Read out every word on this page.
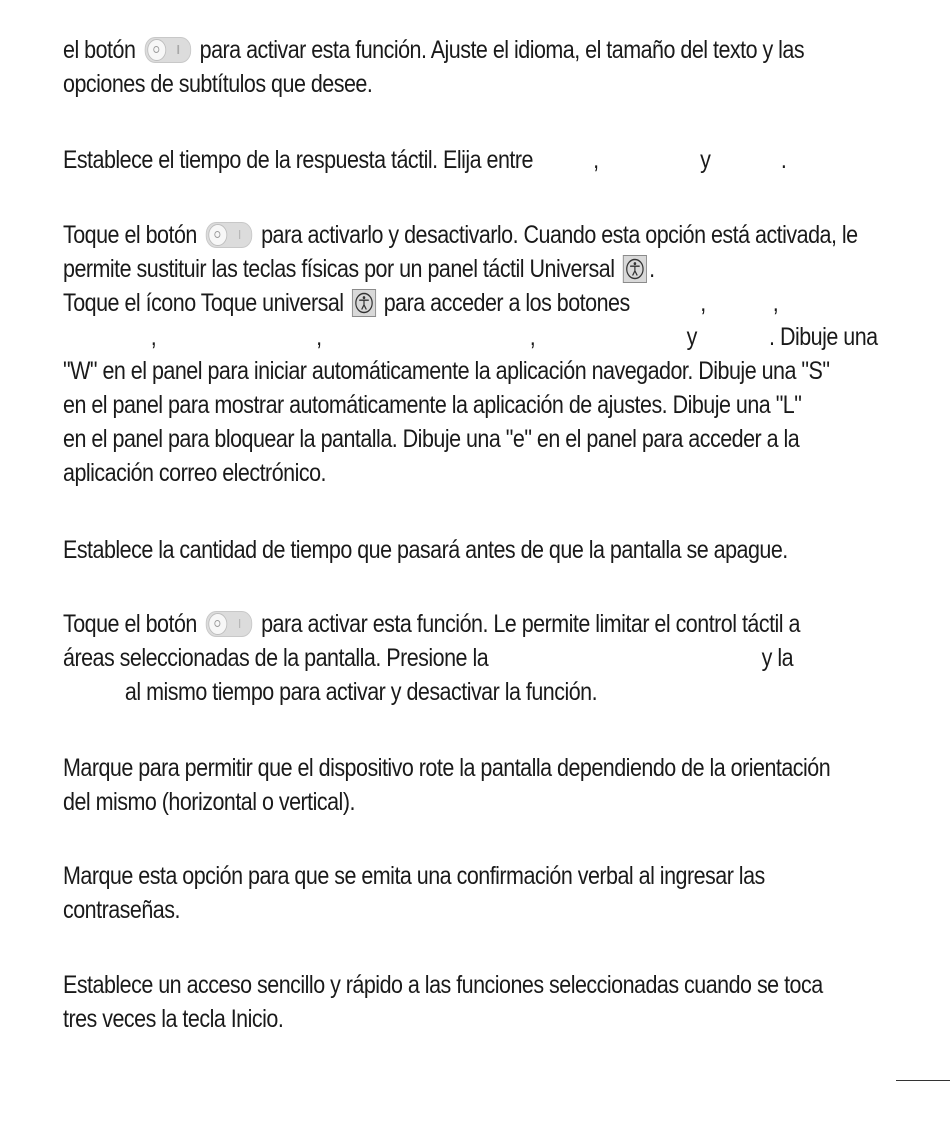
el botón	para activar esta función. Ajuste el idioma, el tamaño del texto y las
opciones de subtítulos que desee.
Establece el tiempo de la respuesta táctil. Elija entre ,	y	.
Toque el botón	para activarlo y desactivarlo. Cuando esta opción está activada, le
permite sustituir las teclas físicas por un panel táctil Universal .
Toque el ícono Toque universal para acceder a los botones	,	,
,	,	,	y	. Dibuje una
"W" en el panel para iniciar automáticamente la aplicación navegador. Dibuje una "S"
en el panel para mostrar automáticamente la aplicación de ajustes. Dibuje una "L"
en el panel para bloquear la pantalla. Dibuje una "e" en el panel para acceder a la
aplicación correo electrónico.
Establece la cantidad de tiempo que pasará antes de que la pantalla se apague.
Toque el botón	para activar esta función. Le permite limitar el control táctil a
áreas seleccionadas de la pantalla. Presione la	y la
al mismo tiempo para activar y desactivar la función.
Marque para permitir que el dispositivo rote la pantalla dependiendo de la orientación
del mismo (horizontal o vertical).
Marque esta opción para que se emita una confirmación verbal al ingresar las
contraseñas.
Establece un acceso sencillo y rápido a las funciones seleccionadas cuando se toca
tres veces la tecla Inicio.
